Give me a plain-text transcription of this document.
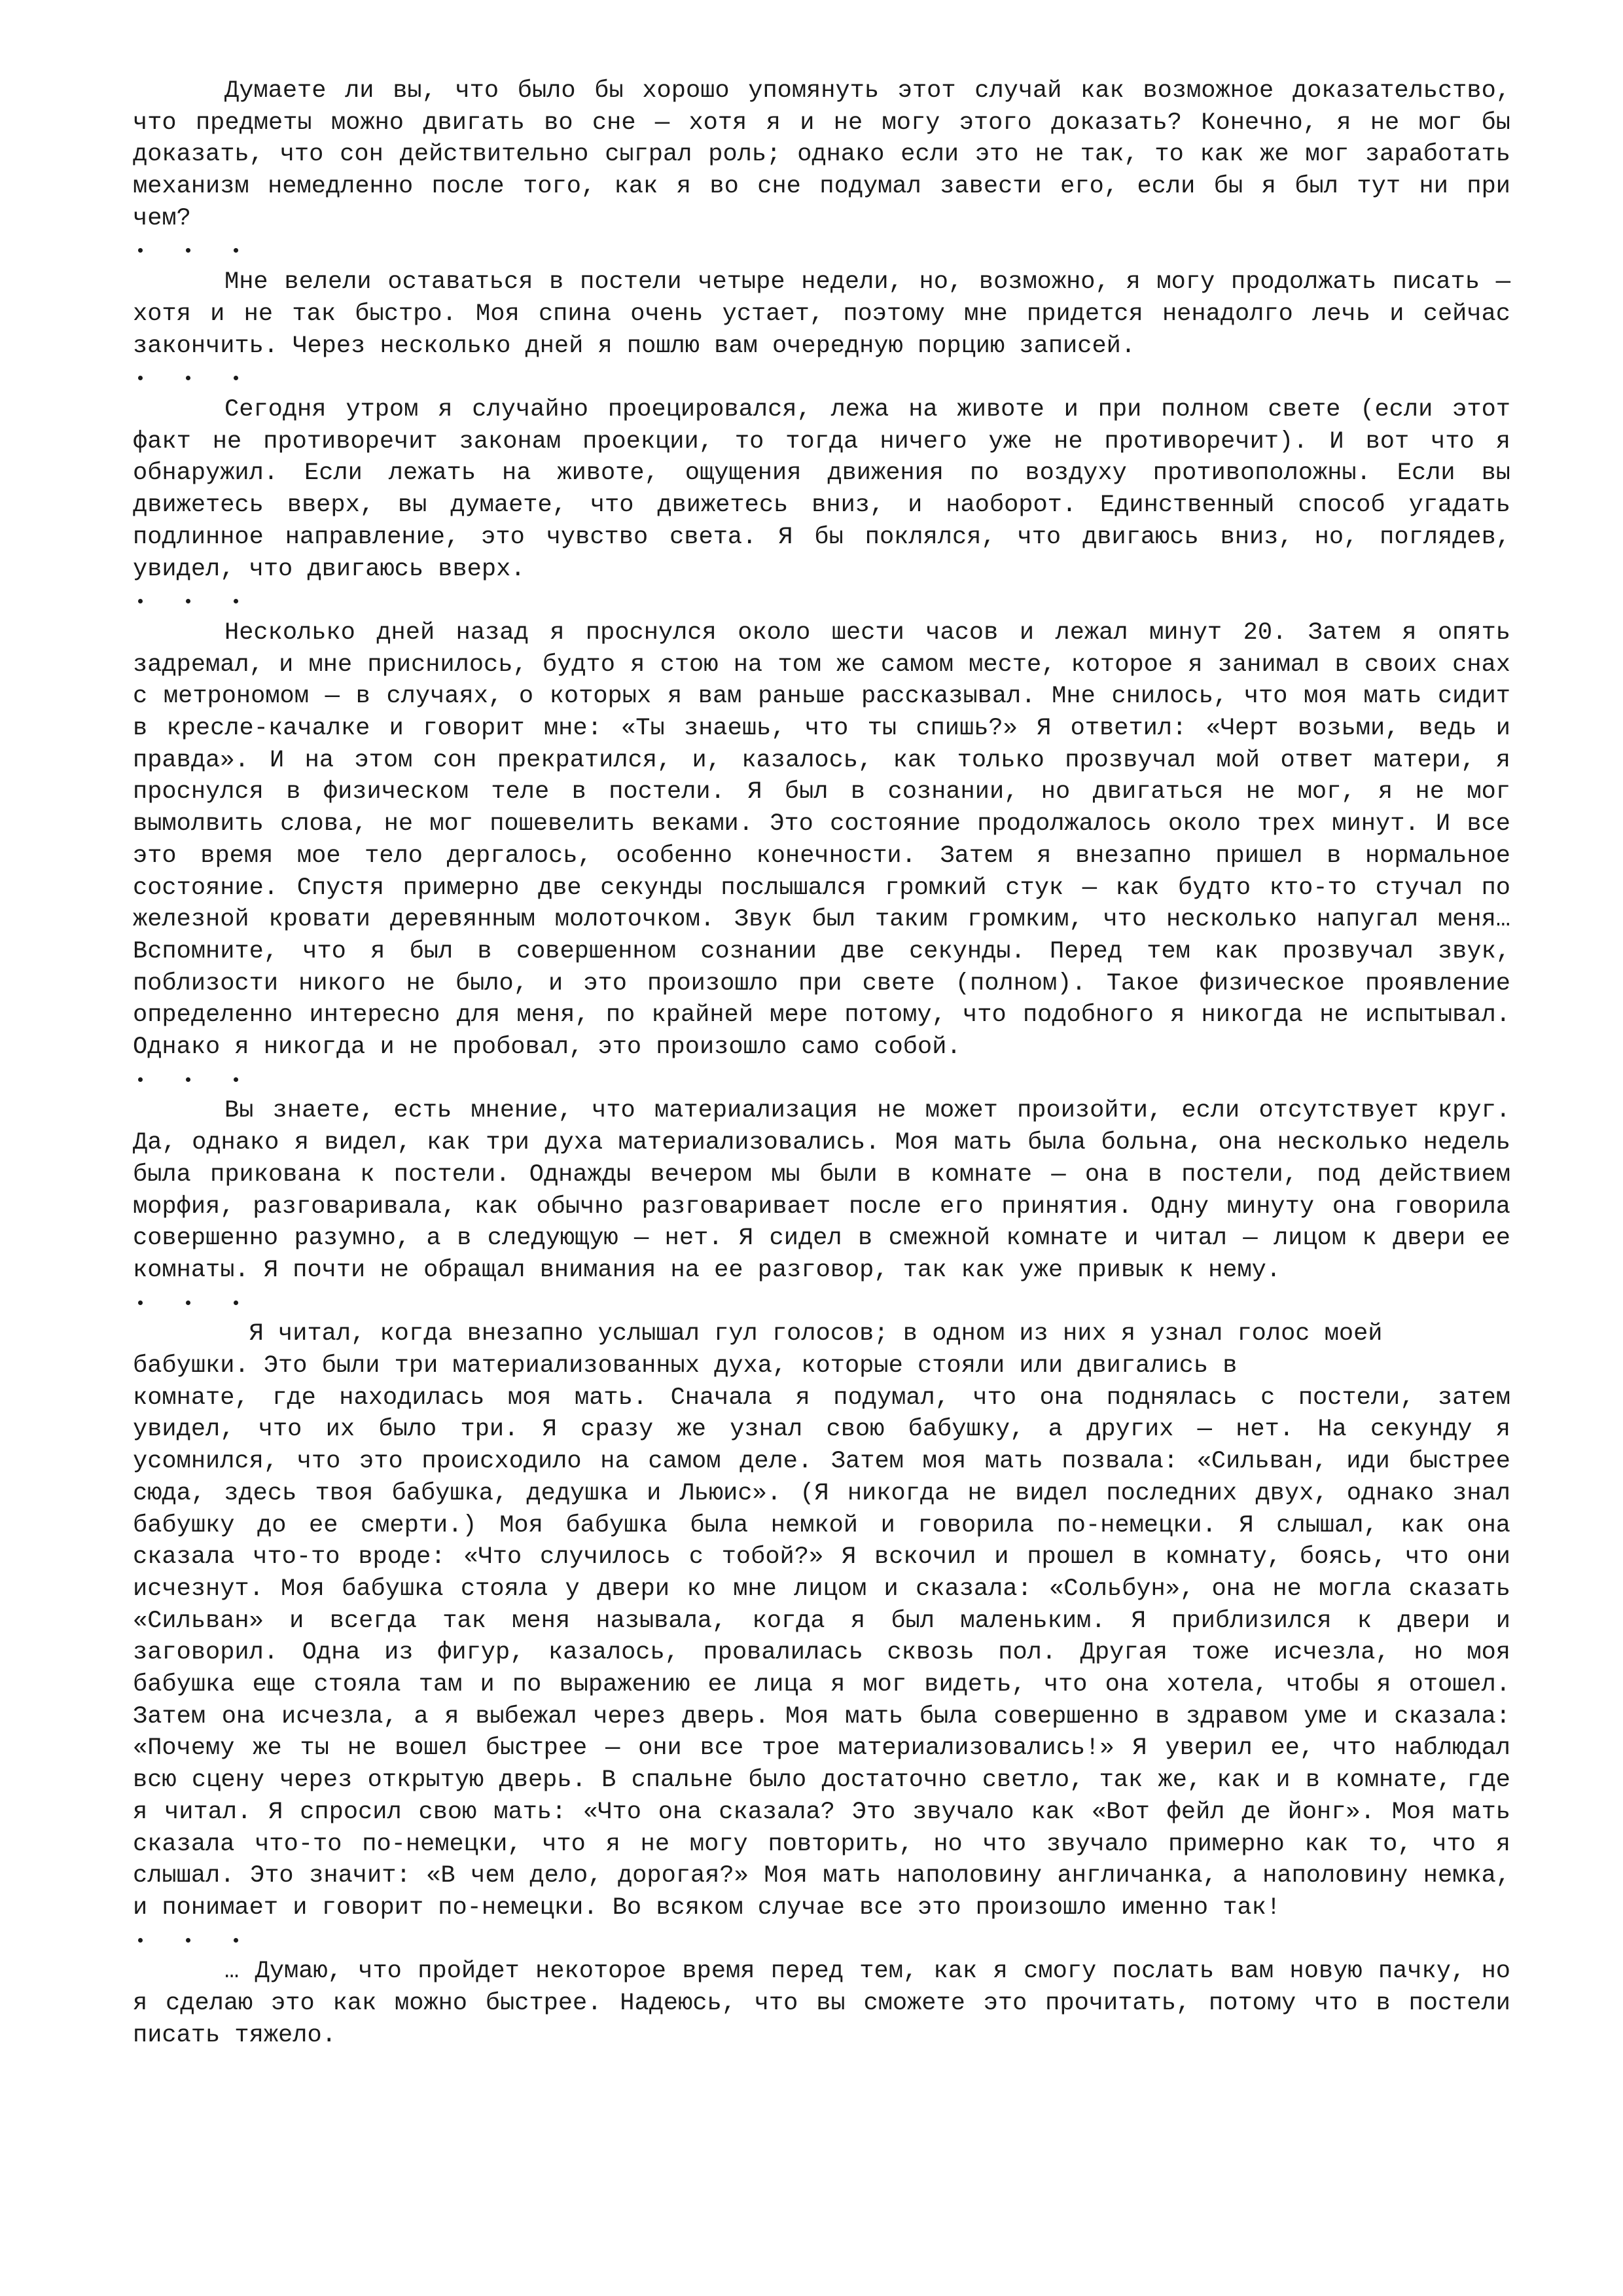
Думаете ли вы, что было бы хорошо упомянуть этот случай как возможное доказательство, что предметы можно двигать во сне — хотя я и не могу этого доказать? Конечно, я не мог бы доказать, что сон действительно сыграл роль; однако если это не так, то как же мог заработать механизм немедленно после того, как я во сне подумал завести его, если бы я был тут ни при чем?

Мне велели оставаться в постели четыре недели, но, возможно, я могу продолжать писать — хотя и не так быстро. Моя спина очень устает, поэтому мне придется ненадолго лечь и сейчас закончить. Через несколько дней я пошлю вам очередную порцию записей.

Сегодня утром я случайно проецировался, лежа на животе и при полном свете (если этот факт не противоречит законам проекции, то тогда ничего уже не противоречит). И вот что я обнаружил. Если лежать на животе, ощущения движения по воздуху противоположны. Если вы движетесь вверх, вы думаете, что движетесь вниз, и наоборот. Единственный способ угадать подлинное направление, это чувство света. Я бы поклялся, что двигаюсь вниз, но, поглядев, увидел, что двигаюсь вверх.

Несколько дней назад я проснулся около шести часов и лежал минут 20. Затем я опять задремал, и мне приснилось, будто я стою на том же самом месте, которое я занимал в своих снах с метрономом — в случаях, о которых я вам раньше рассказывал. Мне снилось, что моя мать сидит в кресле-качалке и говорит мне: «Ты знаешь, что ты спишь?» Я ответил: «Черт возьми, ведь и правда». И на этом сон прекратился, и, казалось, как только прозвучал мой ответ матери, я проснулся в физическом теле в постели. Я был в сознании, но двигаться не мог, я не мог вымолвить слова, не мог пошевелить веками. Это состояние продолжалось около трех минут. И все это время мое тело дергалось, особенно конечности. Затем я внезапно пришел в нормальное состояние. Спустя примерно две секунды послышался громкий стук — как будто кто-то стучал по железной кровати деревянным молоточком. Звук был таким громким, что несколько напугал меня… Вспомните, что я был в совершенном сознании две секунды. Перед тем как прозвучал звук, поблизости никого не было, и это произошло при свете (полном). Такое физическое проявление определенно интересно для меня, по крайней мере потому, что подобного я никогда не испытывал. Однако я никогда и не пробовал, это произошло само собой.

Вы знаете, есть мнение, что материализация не может произойти, если отсутствует круг. Да, однако я видел, как три духа материализовались. Моя мать была больна, она несколько недель была прикована к постели. Однажды вечером мы были в комнате — она в постели, под действием морфия, разговаривала, как обычно разговаривает после его принятия. Одну минуту она говорила совершенно разумно, а в следующую — нет. Я сидел в смежной комнате и читал — лицом к двери ее комнаты. Я почти не обращал внимания на ее разговор, так как уже привык к нему.

Я читал, когда внезапно услышал гул голосов; в одном из них я узнал голос моей

бабушки. Это были три материализованных духа, которые стояли или двигались в

комнате, где находилась моя мать. Сначала я подумал, что она поднялась с постели, затем увидел, что их было три. Я сразу же узнал свою бабушку, а других — нет. На секунду я усомнился, что это происходило на самом деле. Затем моя мать позвала: «Сильван, иди быстрее сюда, здесь твоя бабушка, дедушка и Льюис». (Я никогда не видел последних двух, однако знал бабушку до ее смерти.) Моя бабушка была немкой и говорила по-немецки. Я слышал, как она сказала что-то вроде: «Что случилось с тобой?» Я вскочил и прошел в комнату, боясь, что они исчезнут. Моя бабушка стояла у двери ко мне лицом и сказала: «Сольбун», она не могла сказать «Сильван» и всегда так меня называла, когда я был маленьким. Я приблизился к двери и заговорил. Одна из фигур, казалось, провалилась сквозь пол. Другая тоже исчезла, но моя бабушка еще стояла там и по выражению ее лица я мог видеть, что она хотела, чтобы я отошел. Затем она исчезла, а я выбежал через дверь. Моя мать была совершенно в здравом уме и сказала: «Почему же ты не вошел быстрее — они все трое материализовались!» Я уверил ее, что наблюдал всю сцену через открытую дверь. В спальне было достаточно светло, так же, как и в комнате, где я читал. Я спросил свою мать: «Что она сказала? Это звучало как «Вот фейл де йонг». Моя мать сказала что-то по-немецки, что я не могу повторить, но что звучало примерно как то, что я слышал. Это значит: «В чем дело, дорогая?» Моя мать наполовину англичанка, а наполовину немка, и понимает и говорит по-немецки. Во всяком случае все это произошло именно так!

… Думаю, что пройдет некоторое время перед тем, как я смогу послать вам новую пачку, но я сделаю это как можно быстрее. Надеюсь, что вы сможете это прочитать, потому что в постели писать тяжело.
